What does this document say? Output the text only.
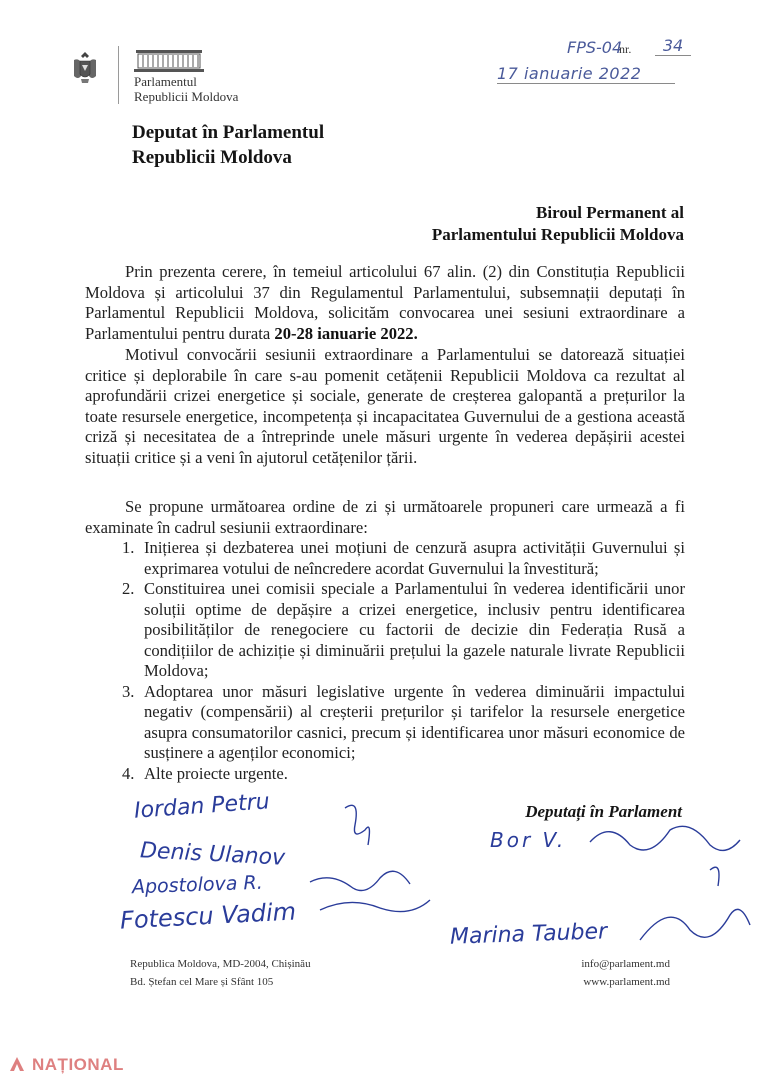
Parlamentul
Republicii Moldova
FPS-04
nr.	34
17 ianuarie 2022
Deputat în Parlamentul
Republicii Moldova
Biroul Permanent al
Parlamentului Republicii Moldova
Prin prezenta cerere, în temeiul articolului 67 alin. (2) din Constituția Republicii Moldova și articolului 37 din Regulamentul Parlamentului, subsemnații deputați în Parlamentul Republicii Moldova, solicităm convocarea unei sesiuni extraordinare a Parlamentului pentru durata 20-28 ianuarie 2022.
Motivul convocării sesiunii extraordinare a Parlamentului se datorează situației critice și deplorabile în care s-au pomenit cetățenii Republicii Moldova ca rezultat al aprofundării crizei energetice și sociale, generate de creșterea galopantă a prețurilor la toate resursele energetice, incompetența și incapacitatea Guvernului de a gestiona această criză și necesitatea de a întreprinde unele măsuri urgente în vederea depășirii acestei situații critice și a veni în ajutorul cetățenilor țării.
Se propune următoarea ordine de zi și următoarele propuneri care urmează a fi examinate în cadrul sesiunii extraordinare:
1. Inițierea și dezbaterea unei moțiuni de cenzură asupra activității Guvernului și exprimarea votului de neîncredere acordat Guvernului la învestitură;
2. Constituirea unei comisii speciale a Parlamentului în vederea identificării unor soluții optime de depășire a crizei energetice, inclusiv pentru identificarea posibilităților de renegociere cu factorii de decizie din Federația Rusă a condițiilor de achiziție și diminuării prețului la gazele naturale livrate Republicii Moldova;
3. Adoptarea unor măsuri legislative urgente în vederea diminuării impactului negativ (compensării) al creșterii prețurilor și tarifelor la resursele energetice asupra consumatorilor casnici, precum și identificarea unor măsuri economice de susținere a agenților economici;
4. Alte proiecte urgente.
Deputați în Parlament
Iordan Petru
Denis Ulanov
Apostolova R.
Fotescu Vadim
Bor V.
Marina Tauber
Republica Moldova, MD-2004, Chișinău
Bd. Ștefan cel Mare și Sfânt 105
info@parlament.md
www.parlament.md
NAȚIONAL
